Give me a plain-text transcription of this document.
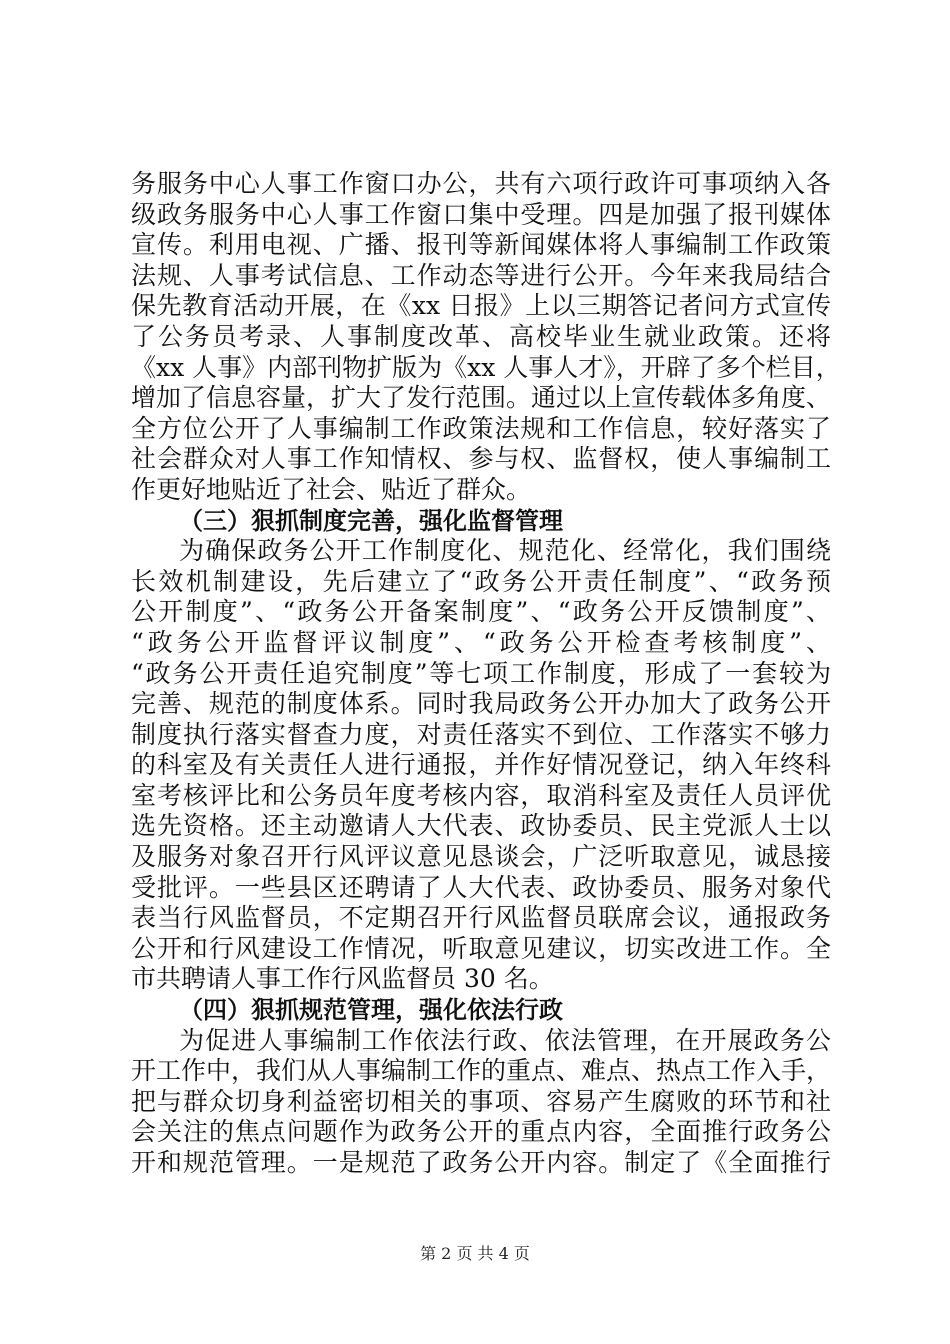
务服务中心人事工作窗口办公，共有六项行政许可事项纳入各
级政务服务中心人事工作窗口集中受理。四是加强了报刊媒体
宣传。利用电视、广播、报刊等新闻媒体将人事编制工作政策
法规、人事考试信息、工作动态等进行公开。今年来我局结合
保先教育活动开展，在《xx 日报》上以三期答记者问方式宣传
了公务员考录、人事制度改革、高校毕业生就业政策。还将
《xx 人事》内部刊物扩版为《xx 人事人才》，开辟了多个栏目，
增加了信息容量，扩大了发行范围。通过以上宣传载体多角度、
全方位公开了人事编制工作政策法规和工作信息，较好落实了
社会群众对人事工作知情权、参与权、监督权，使人事编制工
作更好地贴近了社会、贴近了群众。
（三）狠抓制度完善，强化监督管理
为确保政务公开工作制度化、规范化、经常化，我们围绕
长效机制建设，先后建立了“政务公开责任制度”、“政务预
公开制度”、“政务公开备案制度”、“政务公开反馈制度”、
“政务公开监督评议制度”、“政务公开检查考核制度”、
“政务公开责任追究制度”等七项工作制度，形成了一套较为
完善、规范的制度体系。同时我局政务公开办加大了政务公开
制度执行落实督查力度，对责任落实不到位、工作落实不够力
的科室及有关责任人进行通报，并作好情况登记，纳入年终科
室考核评比和公务员年度考核内容，取消科室及责任人员评优
选先资格。还主动邀请人大代表、政协委员、民主党派人士以
及服务对象召开行风评议意见恳谈会，广泛听取意见，诚恳接
受批评。一些县区还聘请了人大代表、政协委员、服务对象代
表当行风监督员，不定期召开行风监督员联席会议，通报政务
公开和行风建设工作情况，听取意见建议，切实改进工作。全
市共聘请人事工作行风监督员 30 名。
（四）狠抓规范管理，强化依法行政
为促进人事编制工作依法行政、依法管理，在开展政务公
开工作中，我们从人事编制工作的重点、难点、热点工作入手，
把与群众切身利益密切相关的事项、容易产生腐败的环节和社
会关注的焦点问题作为政务公开的重点内容，全面推行政务公
开和规范管理。一是规范了政务公开内容。制定了《全面推行
第 2 页 共 4 页
